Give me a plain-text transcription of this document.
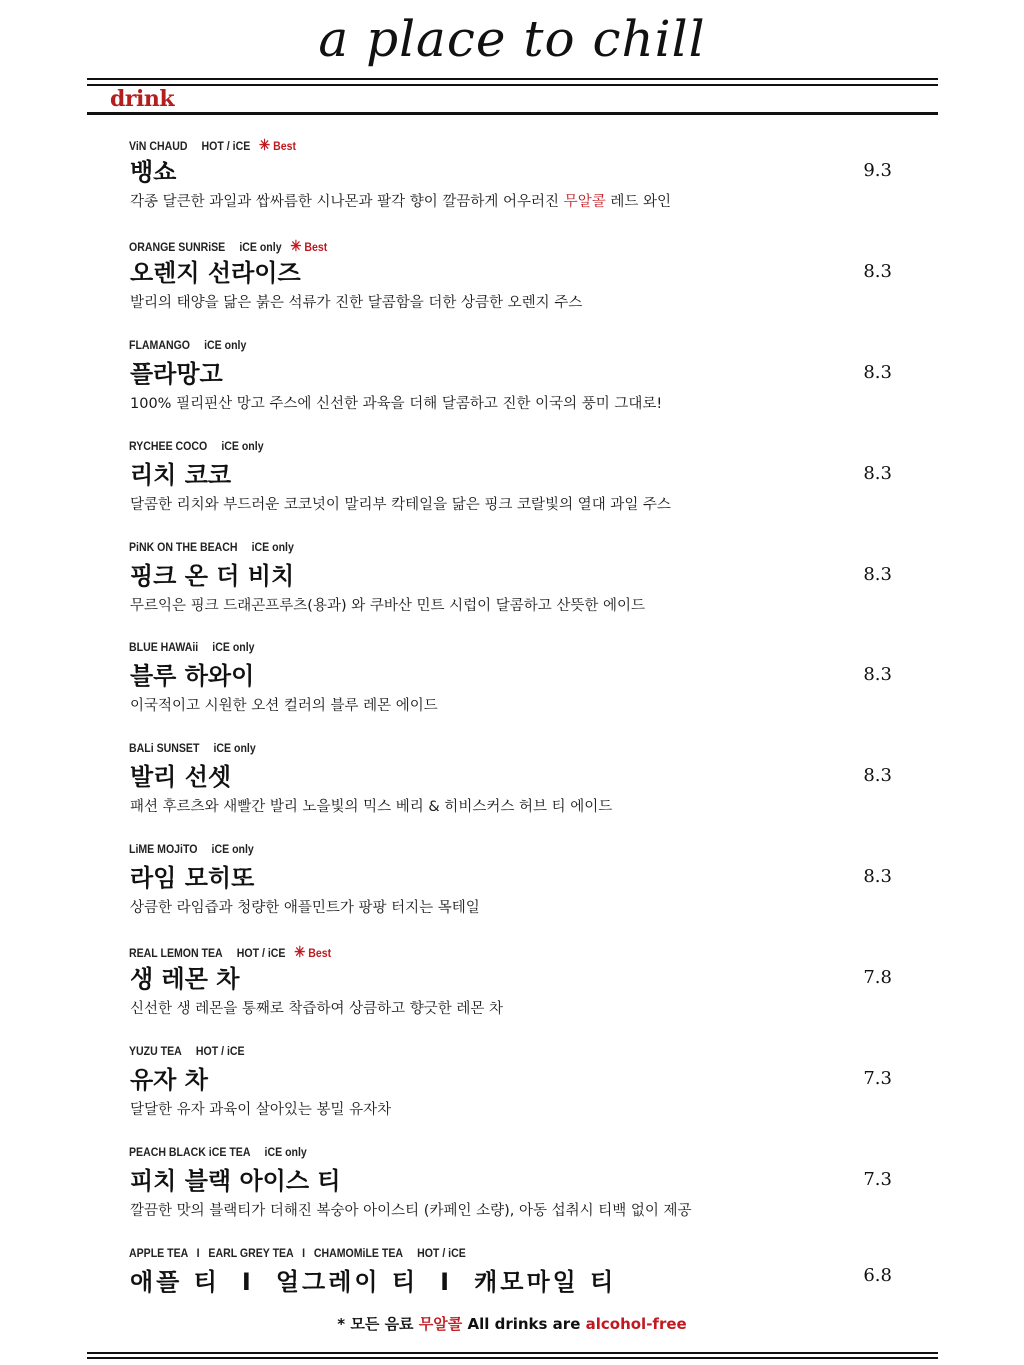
a place to chill
drink
ViN CHAUD HOT / iCE ✳ Best
뱅쇼
각종 달큰한 과일과 쌉싸름한 시나몬과 팔각 향이 깔끔하게 어우러진 무알콜 레드 와인
9.3
ORANGE SUNRiSE iCE only ✳ Best
오렌지 선라이즈
발리의 태양을 닮은 붉은 석류가 진한 달콤함을 더한 상큼한 오렌지 주스
8.3
FLAMANGO iCE only
플라망고
100% 필리핀산 망고 주스에 신선한 과육을 더해 달콤하고 진한 이국의 풍미 그대로!
8.3
RYCHEE COCO iCE only
리치 코코
달콤한 리치와 부드러운 코코넛이 말리부 칵테일을 닮은 핑크 코랄빛의 열대 과일 주스
8.3
PiNK ON THE BEACH iCE only
핑크 온 더 비치
무르익은 핑크 드래곤프루츠(용과) 와 쿠바산 민트 시럽이 달콤하고 산뜻한 에이드
8.3
BLUE HAWAii iCE only
블루 하와이
이국적이고 시원한 오션 컬러의 블루 레몬 에이드
8.3
BALi SUNSET iCE only
발리 선셋
패션 후르츠와 새빨간 발리 노을빛의 믹스 베리 & 히비스커스 허브 티 에이드
8.3
LiME MOJiTO iCE only
라임 모히또
상큼한 라임즙과 청량한 애플민트가 팡팡 터지는 목테일
8.3
REAL LEMON TEA HOT / iCE ✳ Best
생 레몬 차
신선한 생 레몬을 통째로 착즙하여 상큼하고 향긋한 레몬 차
7.8
YUZU TEA HOT / iCE
유자 차
달달한 유자 과육이 살아있는 봉밀 유자차
7.3
PEACH BLACK iCE TEA iCE only
피치 블랙 아이스 티
깔끔한 맛의 블랙티가 더해진 복숭아 아이스티 (카페인 소량), 아동 섭취시 티백 없이 제공
7.3
APPLE TEA   I   EARL GREY TEA   I   CHAMOMiLE TEA HOT / iCE
애플 티 I 얼그레이 티 I 캐모마일 티	6.8
* 모든 음료 무알콜 All drinks are alcohol-free
